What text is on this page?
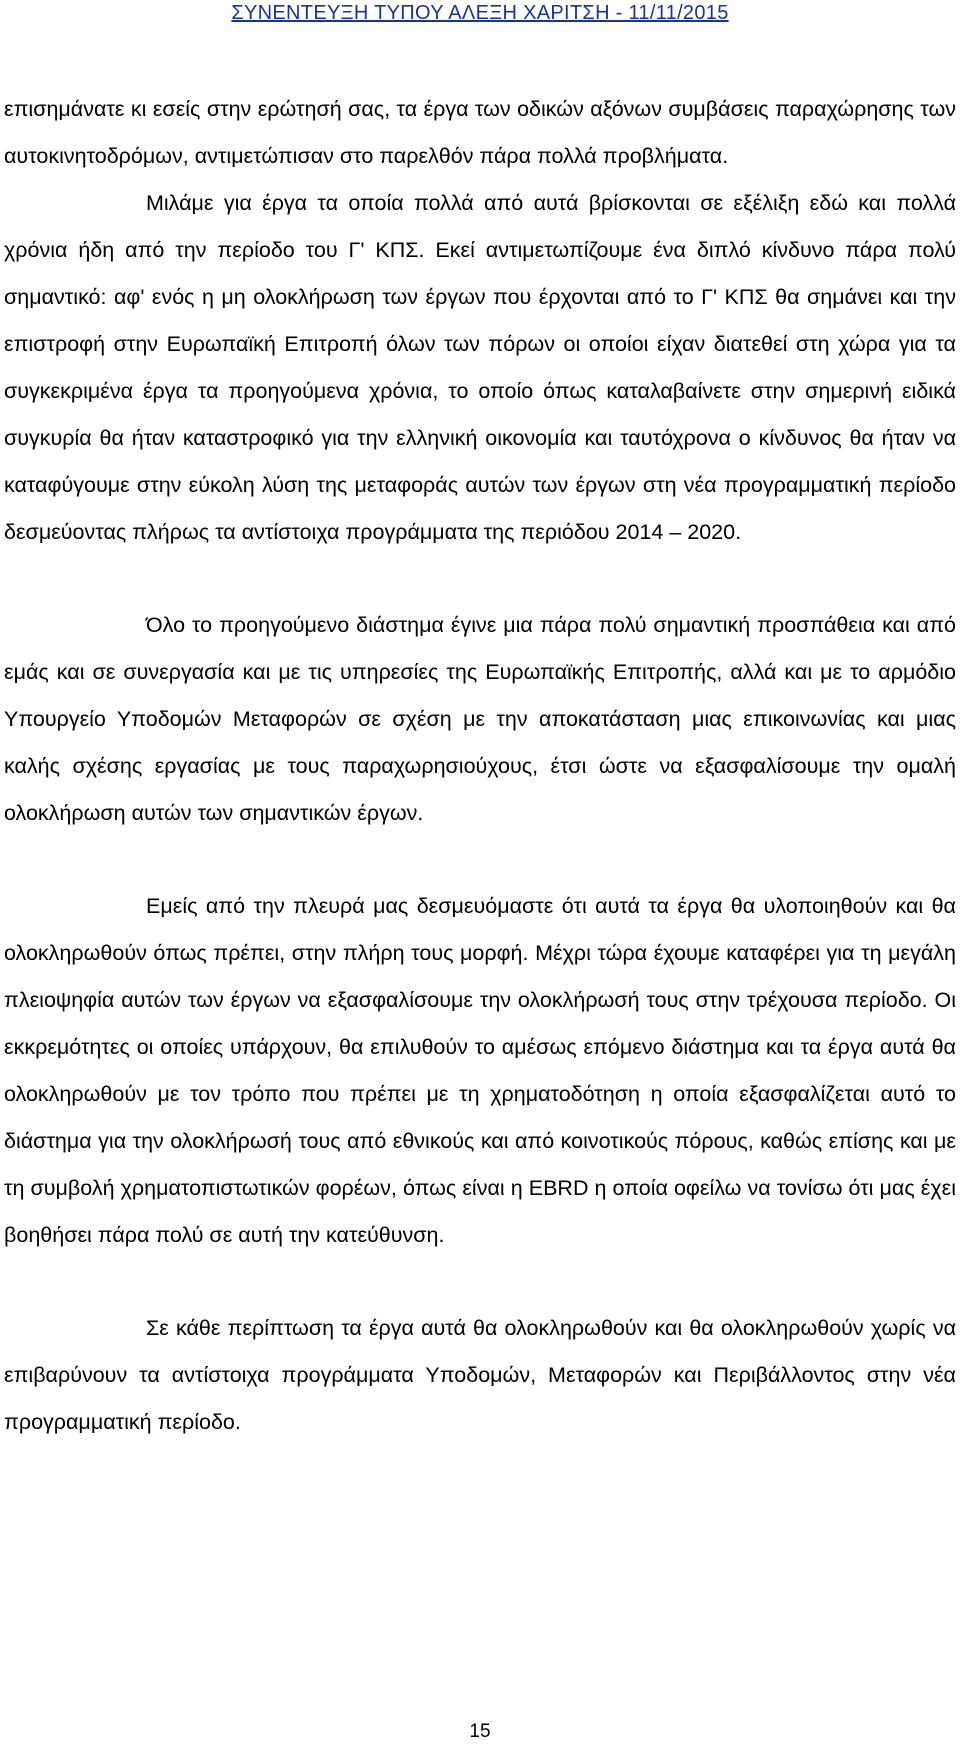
ΣΥΝΕΝΤΕΥΞΗ ΤΥΠΟΥ ΑΛΕΞΗ ΧΑΡΙΤΣΗ - 11/11/2015

επισημάνατε κι εσείς στην ερώτησή σας, τα έργα των οδικών αξόνων συμβάσεις παραχώρησης των αυτοκινητοδρόμων, αντιμετώπισαν στο παρελθόν πάρα πολλά προβλήματα.

Μιλάμε για έργα τα οποία πολλά από αυτά βρίσκονται σε εξέλιξη εδώ και πολλά χρόνια ήδη από την περίοδο του Γ' ΚΠΣ. Εκεί αντιμετωπίζουμε ένα διπλό κίνδυνο πάρα πολύ σημαντικό: αφ' ενός η μη ολοκλήρωση των έργων που έρχονται από το Γ' ΚΠΣ θα σημάνει και την επιστροφή στην Ευρωπαϊκή Επιτροπή όλων των πόρων οι οποίοι είχαν διατεθεί στη χώρα για τα συγκεκριμένα έργα τα προηγούμενα χρόνια, το οποίο όπως καταλαβαίνετε στην σημερινή ειδικά συγκυρία θα ήταν καταστροφικό για την ελληνική οικονομία και ταυτόχρονα ο κίνδυνος θα ήταν να καταφύγουμε στην εύκολη λύση της μεταφοράς αυτών των έργων στη νέα προγραμματική περίοδο δεσμεύοντας πλήρως τα αντίστοιχα προγράμματα της περιόδου 2014 – 2020.

Όλο το προηγούμενο διάστημα έγινε μια πάρα πολύ σημαντική προσπάθεια και από εμάς και σε συνεργασία και με τις υπηρεσίες της Ευρωπαϊκής Επιτροπής, αλλά και με το αρμόδιο Υπουργείο Υποδομών Μεταφορών σε σχέση με την αποκατάσταση μιας επικοινωνίας και μιας καλής σχέσης εργασίας με τους παραχωρησιούχους, έτσι ώστε να εξασφαλίσουμε την ομαλή ολοκλήρωση αυτών των σημαντικών έργων.

Εμείς από την πλευρά μας δεσμευόμαστε ότι αυτά τα έργα θα υλοποιηθούν και θα ολοκληρωθούν όπως πρέπει, στην πλήρη τους μορφή. Μέχρι τώρα έχουμε καταφέρει για τη μεγάλη πλειοψηφία αυτών των έργων να εξασφαλίσουμε την ολοκλήρωσή τους στην τρέχουσα περίοδο. Οι εκκρεμότητες οι οποίες υπάρχουν, θα επιλυθούν το αμέσως επόμενο διάστημα και τα έργα αυτά θα ολοκληρωθούν με τον τρόπο που πρέπει με τη χρηματοδότηση η οποία εξασφαλίζεται αυτό το διάστημα για την ολοκλήρωσή τους από εθνικούς και από κοινοτικούς πόρους, καθώς επίσης και με τη συμβολή χρηματοπιστωτικών φορέων, όπως είναι η EBRD η οποία οφείλω να τονίσω ότι μας έχει βοηθήσει πάρα πολύ σε αυτή την κατεύθυνση.

Σε κάθε περίπτωση τα έργα αυτά θα ολοκληρωθούν και θα ολοκληρωθούν χωρίς να επιβαρύνουν τα αντίστοιχα προγράμματα Υποδομών, Μεταφορών και Περιβάλλοντος στην νέα προγραμματική περίοδο.

15
